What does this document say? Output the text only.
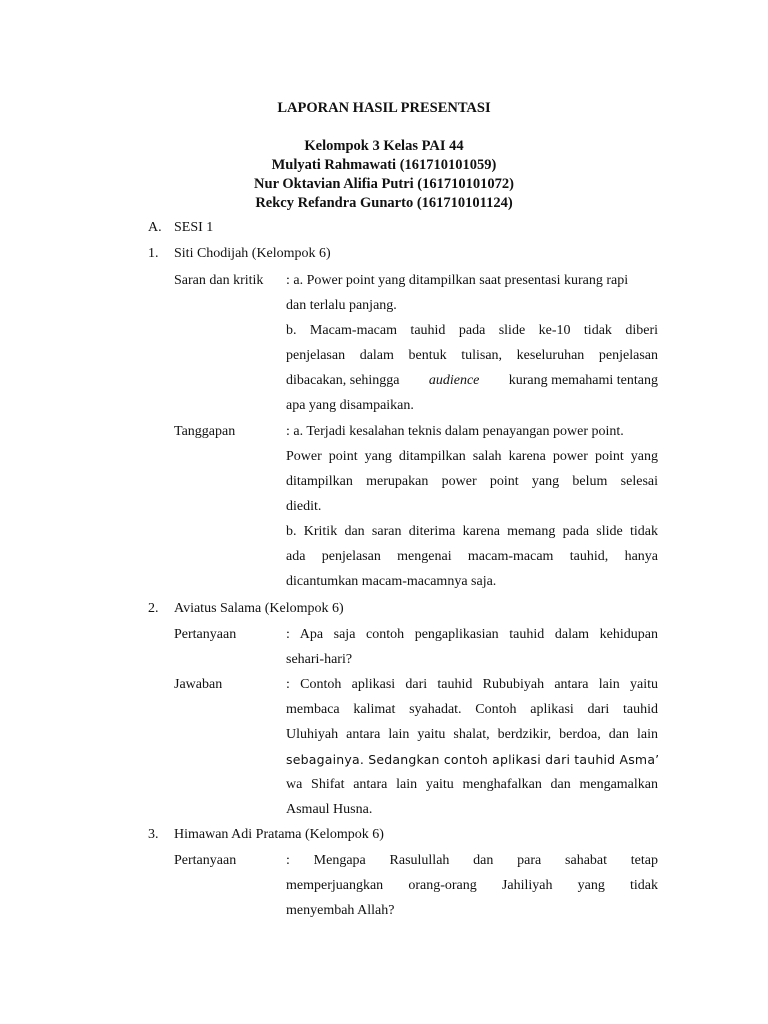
LAPORAN HASIL PRESENTASI
Kelompok 3 Kelas PAI 44
Mulyati Rahmawati (161710101059)
Nur Oktavian Alifia Putri (161710101072)
Rekcy Refandra Gunarto (161710101124)
A. SESI 1
1. Siti Chodijah (Kelompok 6)
Saran dan kritik : a. Power point yang ditampilkan saat presentasi kurang rapi
dan terlalu panjang.
b. Macam-macam tauhid pada slide ke-10 tidak diberi
penjelasan dalam bentuk tulisan, keseluruhan penjelasan
dibacakan, sehingga audience kurang memahami tentang
apa yang disampaikan.
Tanggapan	: a. Terjadi kesalahan teknis dalam penayangan power point.
Power point yang ditampilkan salah karena power point yang
ditampilkan merupakan power point yang belum selesai
diedit.
b. Kritik dan saran diterima karena memang pada slide tidak
ada penjelasan mengenai macam-macam tauhid, hanya
dicantumkan macam-macamnya saja.
2. Aviatus Salama (Kelompok 6)
Pertanyaan	: Apa saja contoh pengaplikasian tauhid dalam kehidupan
sehari-hari?
Jawaban	: Contoh aplikasi dari tauhid Rububiyah antara lain yaitu
membaca kalimat syahadat. Contoh aplikasi dari tauhid
Uluhiyah antara lain yaitu shalat, berdzikir, berdoa, dan lain
sebagainya. Sedangkan contoh aplikasi dari tauhid Asma’
wa Shifat antara lain yaitu menghafalkan dan mengamalkan
Asmaul Husna.
3. Himawan Adi Pratama (Kelompok 6)
Pertanyaan	: Mengapa Rasulullah dan para sahabat tetap
memperjuangkan orang-orang Jahiliyah yang tidak
menyembah Allah?
